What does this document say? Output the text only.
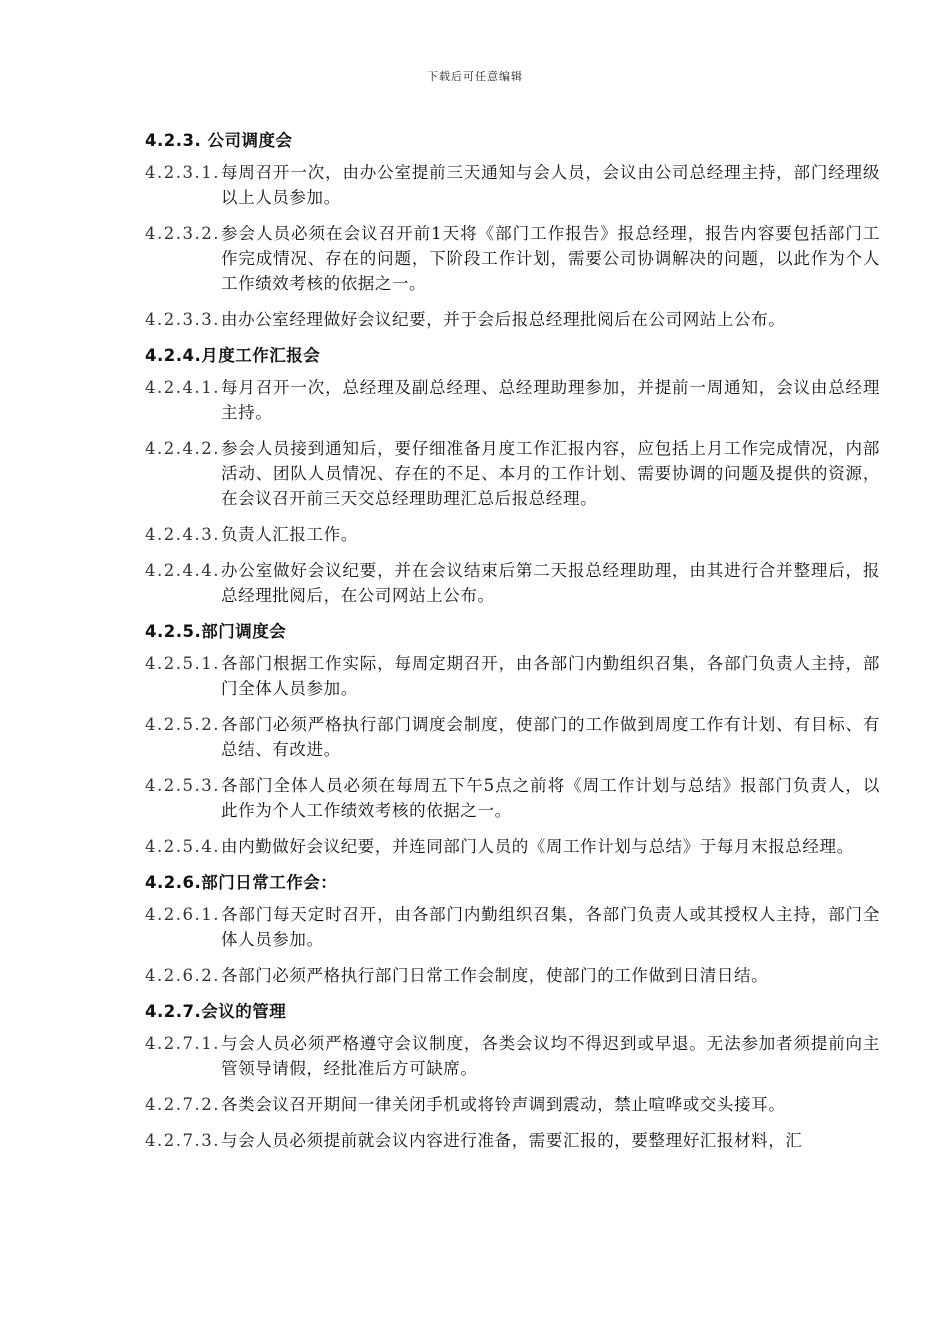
下载后可任意编辑
4.2.3. 公司调度会
4.2.3.1. 每周召开一次，由办公室提前三天通知与会人员，会议由公司总经理主持，部门经理级以上人员参加。
4.2.3.2. 参会人员必须在会议召开前1天将《部门工作报告》报总经理，报告内容要包括部门工作完成情况、存在的问题，下阶段工作计划，需要公司协调解决的问题，以此作为个人工作绩效考核的依据之一。
4.2.3.3. 由办公室经理做好会议纪要，并于会后报总经理批阅后在公司网站上公布。
4.2.4.月度工作汇报会
4.2.4.1. 每月召开一次，总经理及副总经理、总经理助理参加，并提前一周通知，会议由总经理主持。
4.2.4.2. 参会人员接到通知后，要仔细准备月度工作汇报内容，应包括上月工作完成情况，内部活动、团队人员情况、存在的不足、本月的工作计划、需要协调的问题及提供的资源，在会议召开前三天交总经理助理汇总后报总经理。
4.2.4.3. 负责人汇报工作。
4.2.4.4. 办公室做好会议纪要，并在会议结束后第二天报总经理助理，由其进行合并整理后，报总经理批阅后，在公司网站上公布。
4.2.5.部门调度会
4.2.5.1. 各部门根据工作实际，每周定期召开，由各部门内勤组织召集，各部门负责人主持，部门全体人员参加。
4.2.5.2. 各部门必须严格执行部门调度会制度，使部门的工作做到周度工作有计划、有目标、有总结、有改进。
4.2.5.3. 各部门全体人员必须在每周五下午5点之前将《周工作计划与总结》报部门负责人，以此作为个人工作绩效考核的依据之一。
4.2.5.4. 由内勤做好会议纪要，并连同部门人员的《周工作计划与总结》于每月末报总经理。
4.2.6.部门日常工作会：
4.2.6.1. 各部门每天定时召开，由各部门内勤组织召集，各部门负责人或其授权人主持，部门全体人员参加。
4.2.6.2. 各部门必须严格执行部门日常工作会制度，使部门的工作做到日清日结。
4.2.7.会议的管理
4.2.7.1. 与会人员必须严格遵守会议制度，各类会议均不得迟到或早退。无法参加者须提前向主管领导请假，经批准后方可缺席。
4.2.7.2. 各类会议召开期间一律关闭手机或将铃声调到震动，禁止喧哗或交头接耳。
4.2.7.3. 与会人员必须提前就会议内容进行准备，需要汇报的，要整理好汇报材料，汇
